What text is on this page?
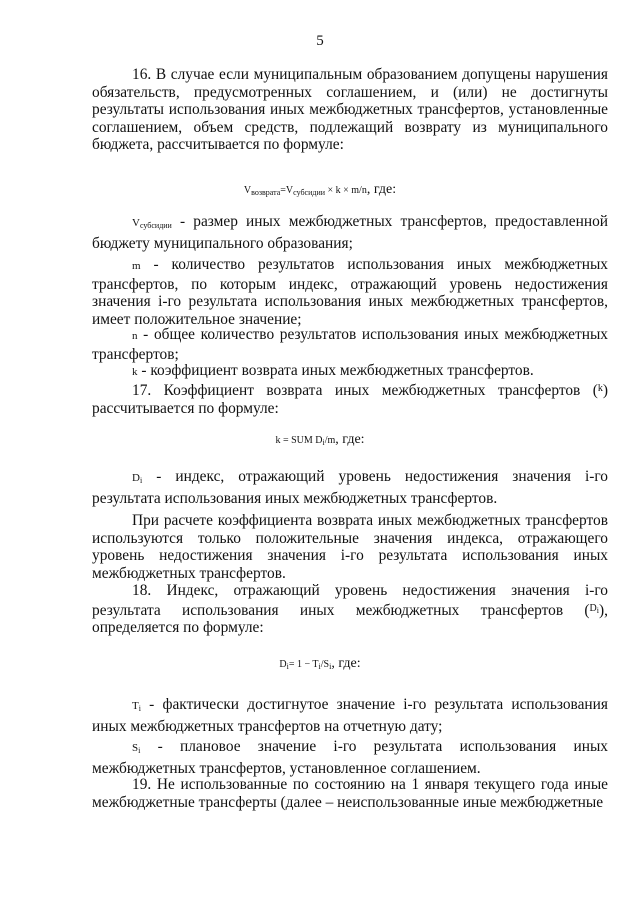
5
16. В случае если муниципальным образованием допущены нарушения обязательств, предусмотренных соглашением, и (или) не достигнуты результаты использования иных межбюджетных трансфертов, установленные соглашением, объем средств, подлежащий возврату из муниципального бюджета, рассчитывается по формуле:
$V_{возврата}=V_{субсидии} \times k \times m/n$, где:
$V_{субсидии}$ - размер иных межбюджетных трансфертов, предоставленной бюджету муниципального образования;
m - количество результатов использования иных межбюджетных трансфертов, по которым индекс, отражающий уровень недостижения значения i-го результата использования иных межбюджетных трансфертов, имеет положительное значение;
n - общее количество результатов использования иных межбюджетных трансфертов;
k - коэффициент возврата иных межбюджетных трансфертов.
17. Коэффициент возврата иных межбюджетных трансфертов ($^k$) рассчитывается по формуле:
k = SUM $D_i/m$, где:
$D_i$ - индекс, отражающий уровень недостижения значения i-го результата использования иных межбюджетных трансфертов.
При расчете коэффициента возврата иных межбюджетных трансфертов используются только положительные значения индекса, отражающего уровень недостижения значения i-го результата использования иных межбюджетных трансфертов.
18. Индекс, отражающий уровень недостижения значения i-го результата использования иных межбюджетных трансфертов ($^{D_i}$), определяется по формуле:
$D_i= 1 - T_i/S_i$, где:
$T_i$ - фактически достигнутое значение i-го результата использования иных межбюджетных трансфертов на отчетную дату;
$S_i$ - плановое значение i-го результата использования иных межбюджетных трансфертов, установленное соглашением.
19. Не использованные по состоянию на 1 января текущего года иные межбюджетные трансферты (далее – неиспользованные иные межбюджетные
